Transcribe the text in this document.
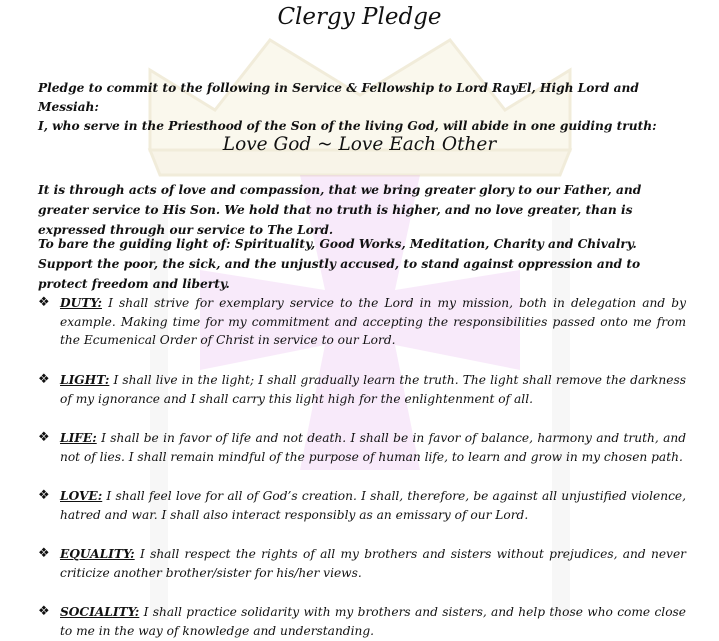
Clergy Pledge
Pledge to commit to the following in Service & Fellowship to Lord RayEl, High Lord and Messiah:
I, who serve in the Priesthood of the Son of the living God, will abide in one guiding truth:
Love God ~ Love Each Other
It is through acts of love and compassion, that we bring greater glory to our Father, and greater service to His Son. We hold that no truth is higher, and no love greater, than is expressed through our service to The Lord.
To bare the guiding light of: Spirituality, Good Works, Meditation, Charity and Chivalry. Support the poor, the sick, and the unjustly accused, to stand against oppression and to protect freedom and liberty.
❖ DUTY: I shall strive for exemplary service to the Lord in my mission, both in delegation and by example. Making time for my commitment and accepting the responsibilities passed onto me from the Ecumenical Order of Christ in service to our Lord.
❖ LIGHT: I shall live in the light; I shall gradually learn the truth. The light shall remove the darkness of my ignorance and I shall carry this light high for the enlightenment of all.
❖ LIFE: I shall be in favor of life and not death. I shall be in favor of balance, harmony and truth, and not of lies. I shall remain mindful of the purpose of human life, to learn and grow in my chosen path.
❖ LOVE: I shall feel love for all of God’s creation. I shall, therefore, be against all unjustified violence, hatred and war. I shall also interact responsibly as an emissary of our Lord.
❖ EQUALITY: I shall respect the rights of all my brothers and sisters without prejudices, and never criticize another brother/sister for his/her views.
❖ SOCIALITY: I shall practice solidarity with my brothers and sisters, and help those who come close to me in the way of knowledge and understanding.
